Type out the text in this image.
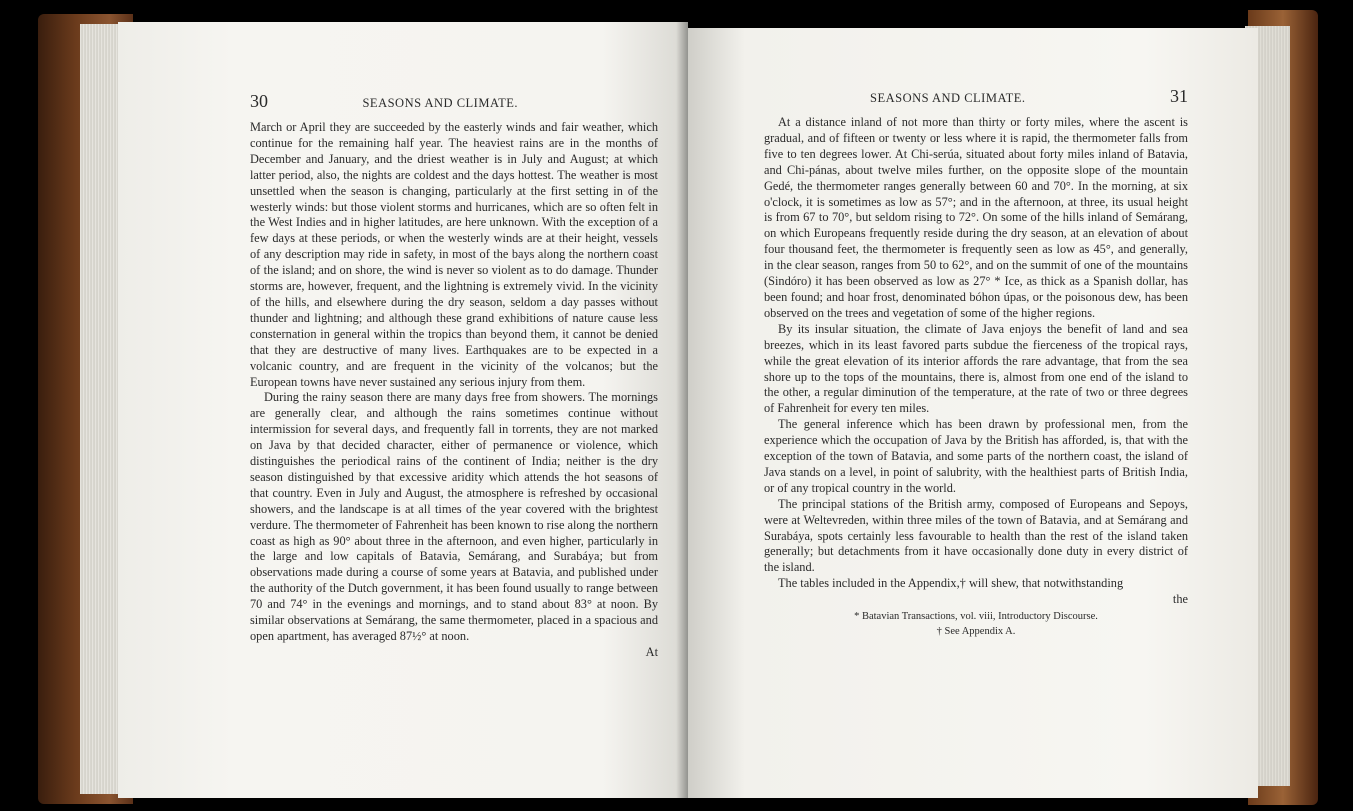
30	SEASONS AND CLIMATE.

March or April they are succeeded by the easterly winds and fair weather, which continue for the remaining half year. The heaviest rains are in the months of December and January, and the driest weather is in July and August; at which latter period, also, the nights are coldest and the days hottest. The weather is most unsettled when the season is changing, particularly at the first setting in of the westerly winds: but those violent storms and hurricanes, which are so often felt in the West Indies and in higher latitudes, are here unknown. With the exception of a few days at these periods, or when the westerly winds are at their height, vessels of any description may ride in safety, in most of the bays along the northern coast of the island; and on shore, the wind is never so violent as to do damage. Thunder storms are, however, frequent, and the lightning is extremely vivid. In the vicinity of the hills, and elsewhere during the dry season, seldom a day passes without thunder and lightning; and although these grand exhibitions of nature cause less consternation in general within the tropics than beyond them, it cannot be denied that they are destructive of many lives. Earthquakes are to be expected in a volcanic country, and are frequent in the vicinity of the volcanos; but the European towns have never sustained any serious injury from them.

During the rainy season there are many days free from showers. The mornings are generally clear, and although the rains sometimes continue without intermission for several days, and frequently fall in torrents, they are not marked on Java by that decided character, either of permanence or violence, which distinguishes the periodical rains of the continent of India; neither is the dry season distinguished by that excessive aridity which attends the hot seasons of that country. Even in July and August, the atmosphere is refreshed by occasional showers, and the landscape is at all times of the year covered with the brightest verdure. The thermometer of Fahrenheit has been known to rise along the northern coast as high as 90° about three in the afternoon, and even higher, particularly in the large and low capitals of Batavia, Semárang, and Surabáya; but from observations made during a course of some years at Batavia, and published under the authority of the Dutch government, it has been found usually to range between 70 and 74° in the evenings and mornings, and to stand about 83° at noon. By similar observations at Semárang, the same thermometer, placed in a spacious and open apartment, has averaged 87½° at noon.

At
SEASONS AND CLIMATE.	31

At a distance inland of not more than thirty or forty miles, where the ascent is gradual, and of fifteen or twenty or less where it is rapid, the thermometer falls from five to ten degrees lower. At Chi-serúa, situated about forty miles inland of Batavia, and Chi-pánas, about twelve miles further, on the opposite slope of the mountain Gedé, the thermometer ranges generally between 60 and 70°. In the morning, at six o'clock, it is sometimes as low as 57°; and in the afternoon, at three, its usual height is from 67 to 70°, but seldom rising to 72°. On some of the hills inland of Semárang, on which Europeans frequently reside during the dry season, at an elevation of about four thousand feet, the thermometer is frequently seen as low as 45°, and generally, in the clear season, ranges from 50 to 62°, and on the summit of one of the mountains (Sindóro) it has been observed as low as 27° * Ice, as thick as a Spanish dollar, has been found; and hoar frost, denominated bóhon úpas, or the poisonous dew, has been observed on the trees and vegetation of some of the higher regions.

By its insular situation, the climate of Java enjoys the benefit of land and sea breezes, which in its least favored parts subdue the fierceness of the tropical rays, while the great elevation of its interior affords the rare advantage, that from the sea shore up to the tops of the mountains, there is, almost from one end of the island to the other, a regular diminution of the temperature, at the rate of two or three degrees of Fahrenheit for every ten miles.

The general inference which has been drawn by professional men, from the experience which the occupation of Java by the British has afforded, is, that with the exception of the town of Batavia, and some parts of the northern coast, the island of Java stands on a level, in point of salubrity, with the healthiest parts of British India, or of any tropical country in the world.

The principal stations of the British army, composed of Europeans and Sepoys, were at Weltevreden, within three miles of the town of Batavia, and at Semárang and Surabáya, spots certainly less favourable to health than the rest of the island taken generally; but detachments from it have occasionally done duty in every district of the island.

The tables included in the Appendix,† will shew, that notwithstanding

the
* Batavian Transactions, vol. viii, Introductory Discourse.
† See Appendix A.
